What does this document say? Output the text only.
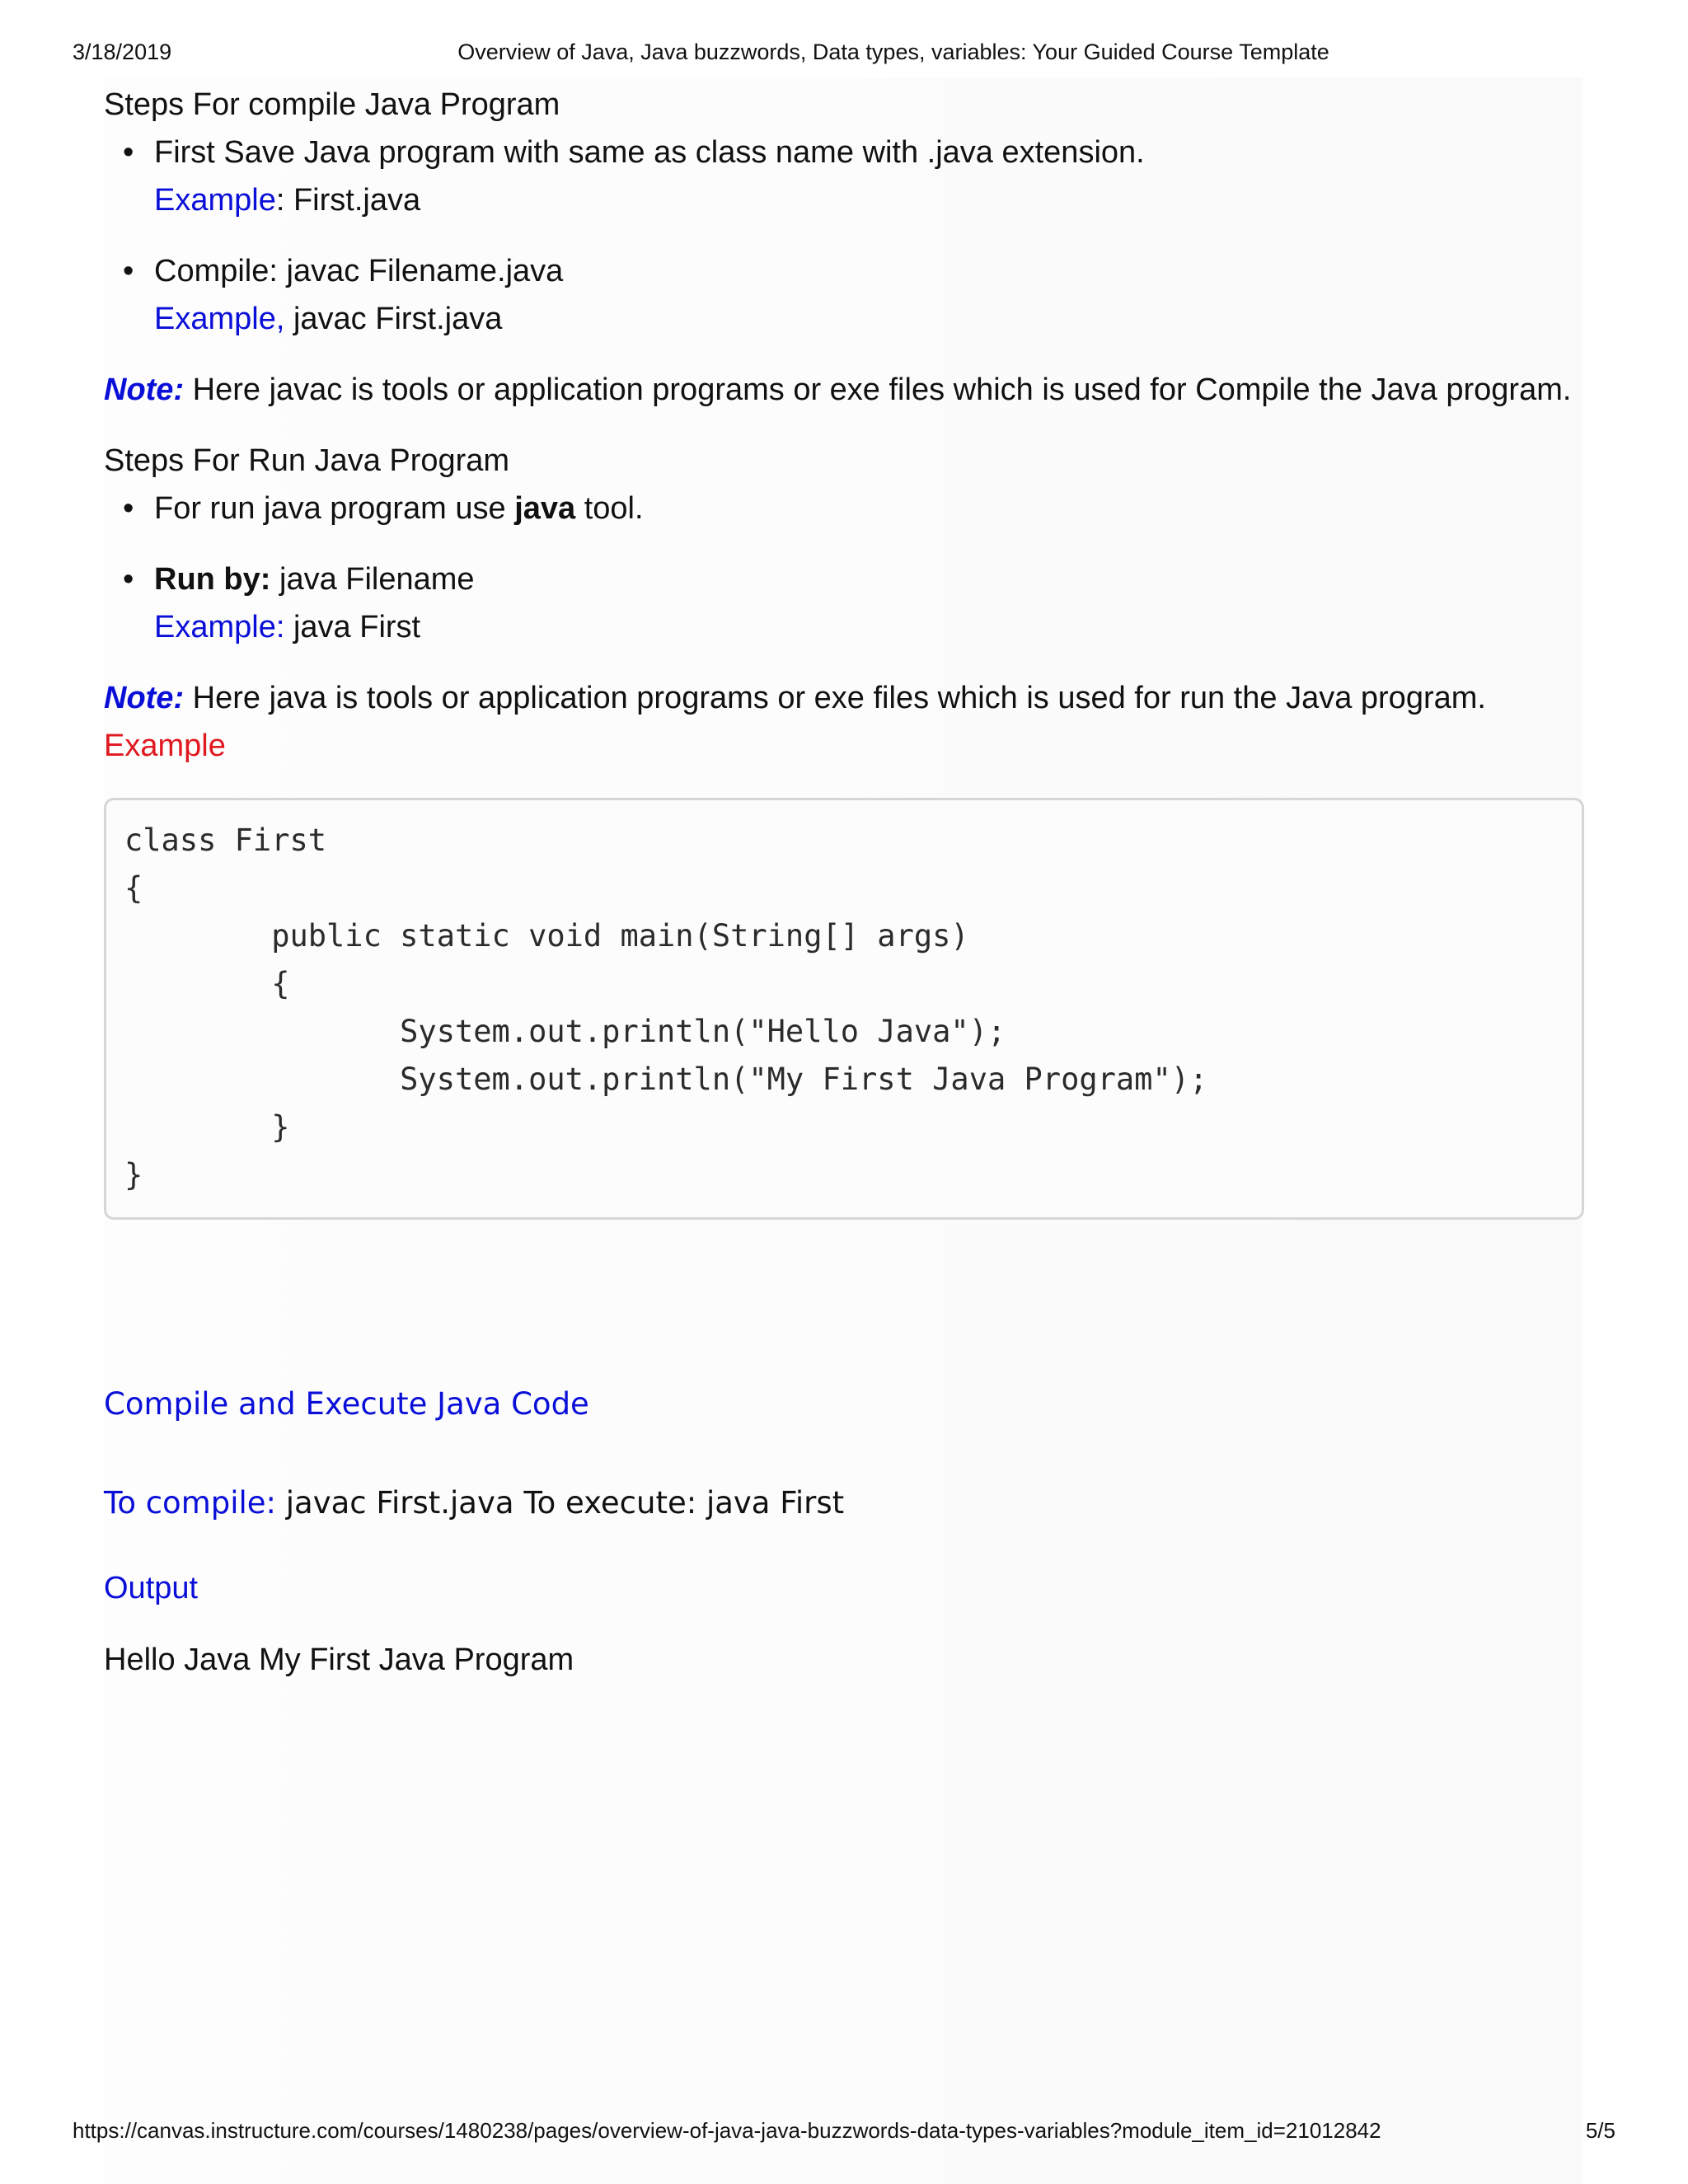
3/18/2019	Overview of Java, Java buzzwords, Data types, variables: Your Guided Course Template

Steps For compile Java Program

• First Save Java program with same as class name with .java extension.
Example: First.java
• Compile: javac Filename.java
Example, javac First.java

Note: Here javac is tools or application programs or exe files which is used for Compile the Java program.

Steps For Run Java Program

• For run java program use java tool.
• Run by: java Filename
Example: java First

Note: Here java is tools or application programs or exe files which is used for run the Java program.

Example

class First
{
public static void main(String[] args)
{
System.out.println("Hello Java");
System.out.println("My First Java Program");
}
}

Compile and Execute Java Code

To compile: javac First.java To execute: java First

Output

Hello Java My First Java Program

https://canvas.instructure.com/courses/1480238/pages/overview-of-java-java-buzzwords-data-types-variables?module_item_id=21012842	5/5
